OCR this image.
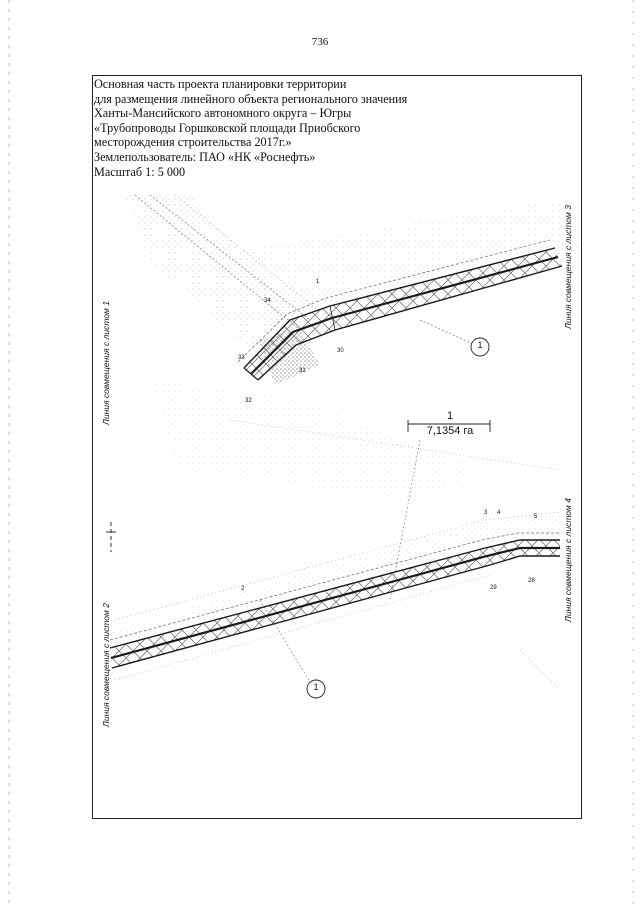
736
Основная часть проекта планировки территории
для размещения линейного объекта регионального значения
Ханты-Мансийского автономного округа – Югры
«Трубопроводы Горшковской площади Приобского
месторождения строительства 2017г.»
Землепользователь: ПАО «НК «Роснефть»
Масштаб 1: 5 000
1
7,1354 га
1
1
1
34
30
33
31
32
2
3 4
5
29
28
Линия совмещения с листом 1
Линия совмещения с листом 2
Линия совмещения с листом 3
Линия совмещения с листом 4
